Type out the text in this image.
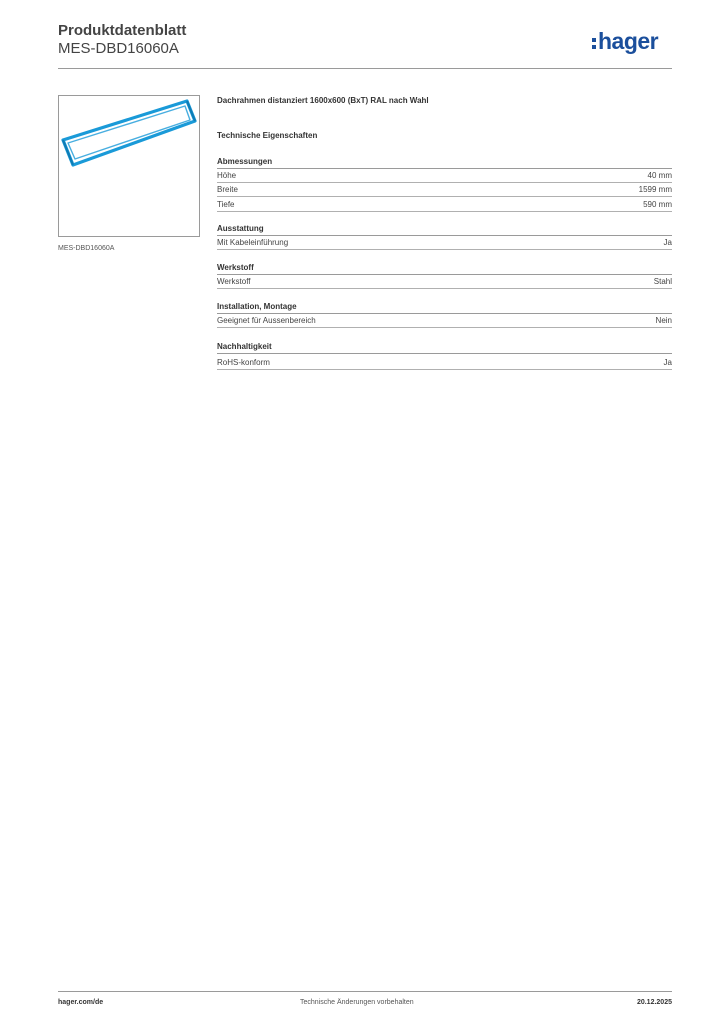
Produktdatenblatt
MES-DBD16060A	hager
MES-DBD16060A
Dachrahmen distanziert 1600x600 (BxT) RAL nach Wahl
Technische Eigenschaften
Abmessungen
Höhe	40 mm
Breite	1599 mm
Tiefe	590 mm
Ausstattung
Mit Kabeleinführung	Ja
Werkstoff
Werkstoff	Stahl
Installation, Montage
Geeignet für Aussenbereich	Nein
Nachhaltigkeit
RoHS-konform	Ja
hager.com/de	Technische Änderungen vorbehalten	20.12.2025
